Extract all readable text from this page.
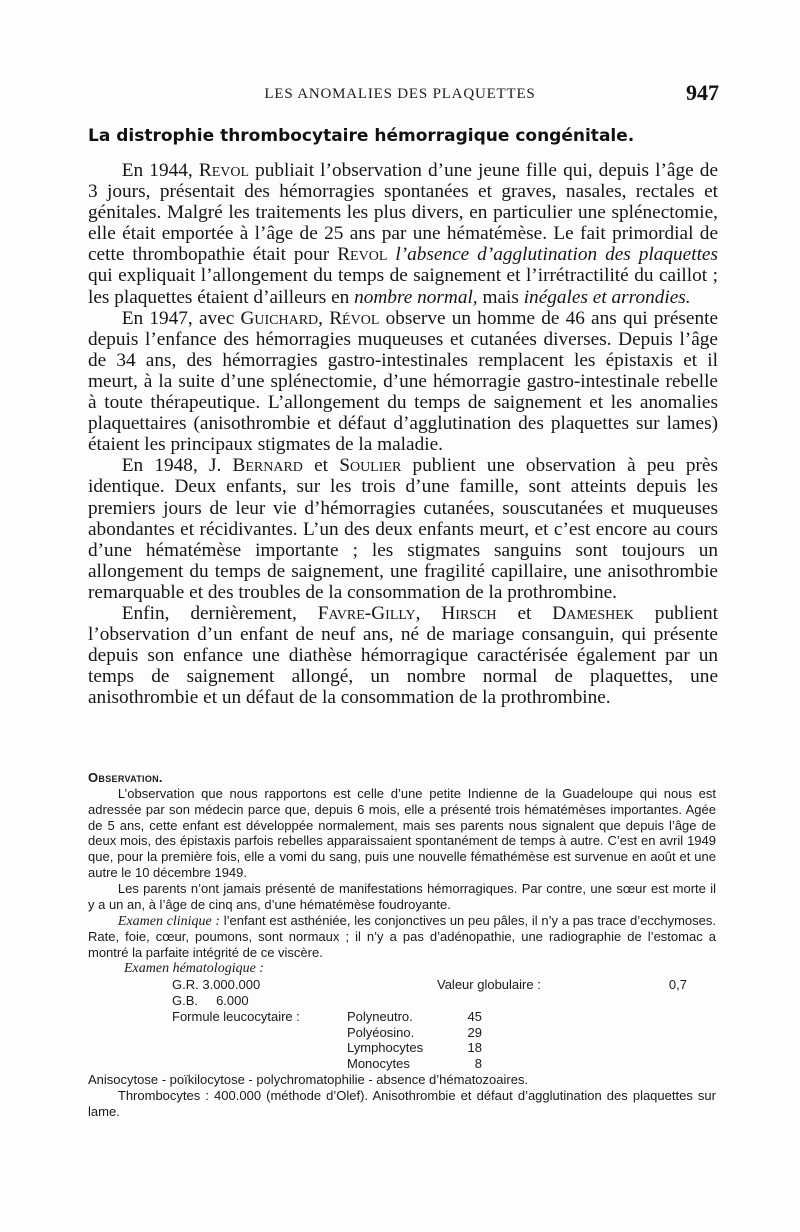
LES ANOMALIES DES PLAQUETTES	947
La distrophie thrombocytaire hémorragique congénitale.

En 1944, Revol publiait l’observation d’une jeune fille qui, depuis l’âge de 3 jours, présentait des hémorragies spontanées et graves, nasales, rectales et génitales. Malgré les traitements les plus divers, en particulier une splénectomie, elle était emportée à l’âge de 25 ans par une hématémèse. Le fait primordial de cette thrombopathie était pour Revol l’absence d’agglutination des plaquettes qui expliquait l’allongement du temps de saignement et l’irrétractilité du caillot ; les plaquettes étaient d’ailleurs en nombre normal, mais inégales et arrondies.

En 1947, avec Guichard, Révol observe un homme de 46 ans qui présente depuis l’enfance des hémorragies muqueuses et cutanées diverses. Depuis l’âge de 34 ans, des hémorragies gastro-intestinales remplacent les épistaxis et il meurt, à la suite d’une splénectomie, d’une hémorragie gastro-intestinale rebelle à toute thérapeutique. L’allongement du temps de saignement et les anomalies plaquettaires (anisothrombie et défaut d’agglutination des plaquettes sur lames) étaient les principaux stigmates de la maladie.

En 1948, J. Bernard et Soulier publient une observation à peu près identique. Deux enfants, sur les trois d’une famille, sont atteints depuis les premiers jours de leur vie d’hémorragies cutanées, souscutanées et muqueuses abondantes et récidivantes. L’un des deux enfants meurt, et c’est encore au cours d’une hématémèse importante ; les stigmates sanguins sont toujours un allongement du temps de saignement, une fragilité capillaire, une anisothrombie remarquable et des troubles de la consommation de la prothrombine.

Enfin, dernièrement, Favre-Gilly, Hirsch et Dameshek publient l’observation d’un enfant de neuf ans, né de mariage consanguin, qui présente depuis son enfance une diathèse hémorragique caractérisée également par un temps de saignement allongé, un nombre normal de plaquettes, une anisothrombie et un défaut de la consommation de la prothrombine.

Observation.

L’observation que nous rapportons est celle d’une petite Indienne de la Guadeloupe qui nous est adressée par son médecin parce que, depuis 6 mois, elle a présenté trois hématémèses importantes. Agée de 5 ans, cette enfant est développée normalement, mais ses parents nous signalent que depuis l’âge de deux mois, des épistaxis parfois rebelles apparaissaient spontanément de temps à autre. C’est en avril 1949 que, pour la première fois, elle a vomi du sang, puis une nouvelle fémathémèse est survenue en août et une autre le 10 décembre 1949.

Les parents n’ont jamais présenté de manifestations hémorragiques. Par contre, une sœur est morte il y a un an, à l’âge de cinq ans, d’une hématémèse foudroyante.

Examen clinique : l’enfant est asthéniée, les conjonctives un peu pâles, il n’y a pas trace d’ecchymoses. Rate, foie, cœur, poumons, sont normaux ; il n’y a pas d’adénopathie, une radiographie de l’estomac a montré la parfaite intégrité de ce viscère.

Examen hématologique :
G.R. 3.000.000	Valeur globulaire :	0,7
G.B. 6.000
Formule leucocytaire :	Polyneutro.	45
Polyéosino.	29
Lymphocytes	18
Monocytes	8

Anisocytose - poïkilocytose - polychromatophilie - absence d’hématozoaires.

Thrombocytes : 400.000 (méthode d’Olef). Anisothrombie et défaut d’agglutination des plaquettes sur lame.
